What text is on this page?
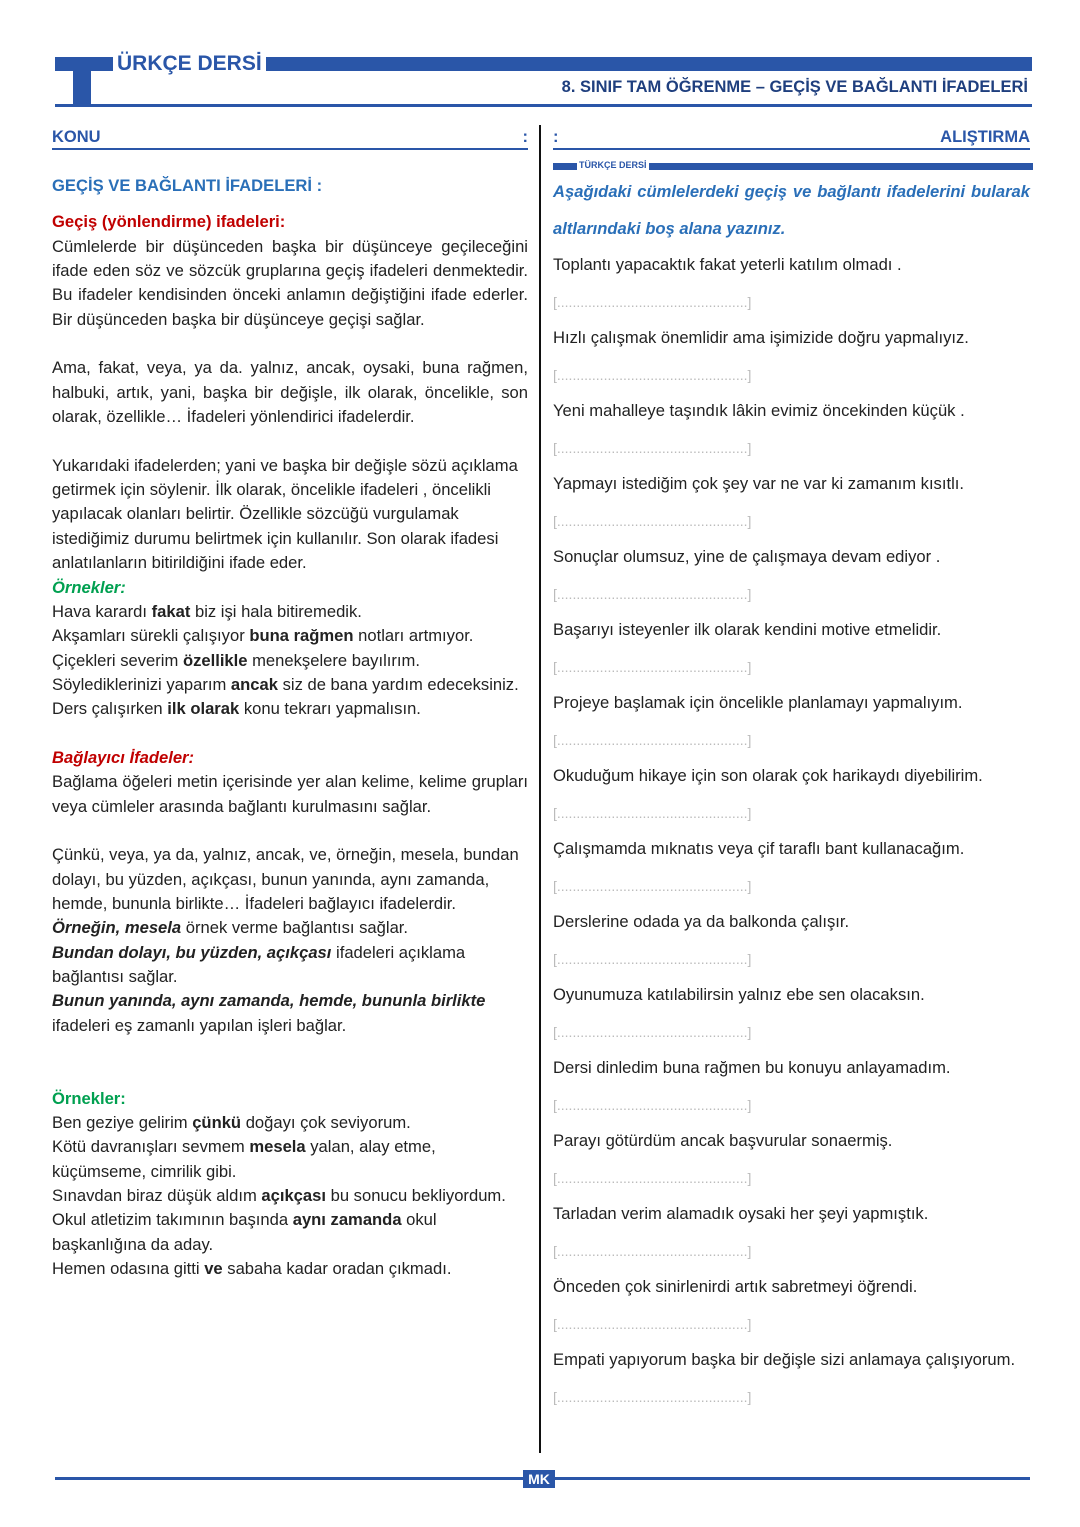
ÜRKÇE DERSİ
8. SINIF TAM ÖĞRENME – GEÇİŞ VE BAĞLANTI İFADELERİ
KONU	: :	ALIŞTIRMA

GEÇİŞ VE BAĞLANTI İFADELERİ :

Geçiş (yönlendirme) ifadeleri:

Cümlelerde bir düşünceden başka bir düşünceye geçileceğini ifade eden söz ve sözcük gruplarına geçiş ifadeleri denmektedir. Bu ifadeler kendisinden önceki anlamın değiştiğini ifade ederler. Bir düşünceden başka bir düşünceye geçişi sağlar.

Ama, fakat, veya, ya da. yalnız, ancak, oysaki, buna rağmen, halbuki, artık, yani, başka bir değişle, ilk olarak, öncelikle, son olarak, özellikle… İfadeleri yönlendirici ifadelerdir.

Yukarıdaki ifadelerden; yani ve başka bir değişle sözü açıklama getirmek için söylenir. İlk olarak, öncelikle ifadeleri , öncelikli yapılacak olanları belirtir. Özellikle sözcüğü vurgulamak istediğimiz durumu belirtmek için kullanılır. Son olarak ifadesi anlatılanların bitirildiğini ifade eder.

Örnekler:

Hava karardı fakat biz işi hala bitiremedik.

Akşamları sürekli çalışıyor buna rağmen notları artmıyor.

Çiçekleri severim özellikle menekşelere bayılırım.

Söylediklerinizi yaparım ancak siz de bana yardım edeceksiniz.

Ders çalışırken ilk olarak konu tekrarı yapmalısın.

Bağlayıcı İfadeler:

Bağlama öğeleri metin içerisinde yer alan kelime, kelime grupları veya cümleler arasında bağlantı kurulmasını sağlar.

Çünkü, veya, ya da, yalnız, ancak, ve, örneğin, mesela, bundan dolayı, bu yüzden, açıkçası, bunun yanında, aynı zamanda, hemde, bununla birlikte… İfadeleri bağlayıcı ifadelerdir.

Örneğin, mesela örnek verme bağlantısı sağlar.

Bundan dolayı, bu yüzden, açıkçası ifadeleri açıklama bağlantısı sağlar.

Bunun yanında, aynı zamanda, hemde, bununla birlikte ifadeleri eş zamanlı yapılan işleri bağlar.

Örnekler:

Ben geziye gelirim çünkü doğayı çok seviyorum.

Kötü davranışları sevmem mesela yalan, alay etme, küçümseme, cimrilik gibi.

Sınavdan biraz düşük aldım açıkçası bu sonucu bekliyordum.

Okul atletizim takımının başında aynı zamanda okul başkanlığına da aday.

Hemen odasına gitti ve sabaha kadar oradan çıkmadı.

TÜRKÇE DERSİ

Aşağıdaki cümlelerdeki geçiş ve bağlantı ifadelerini bularak altlarındaki boş alana yazınız.

Toplantı yapacaktık fakat yeterli katılım olmadı .

[.................................................]

Hızlı çalışmak önemlidir ama işimizide doğru yapmalıyız.

[.................................................]

Yeni mahalleye taşındık lâkin evimiz öncekinden küçük .

[.................................................]

Yapmayı istediğim çok şey var ne var ki zamanım kısıtlı.

[.................................................]

Sonuçlar olumsuz, yine de çalışmaya devam ediyor .

[.................................................]

Başarıyı isteyenler ilk olarak kendini motive etmelidir.

[.................................................]

Projeye başlamak için öncelikle planlamayı yapmalıyım.

[.................................................]

Okuduğum hikaye için son olarak çok harikaydı diyebilirim.

[.................................................]

Çalışmamda mıknatıs veya çif taraflı bant kullanacağım.

[.................................................]

Derslerine odada ya da balkonda çalışır.

[.................................................]

Oyunumuza katılabilirsin yalnız ebe sen olacaksın.

[.................................................]

Dersi dinledim buna rağmen bu konuyu anlayamadım.

[.................................................]

Parayı götürdüm ancak başvurular sonaermiş.

[.................................................]

Tarladan verim alamadık oysaki her şeyi yapmıştık.

[.................................................]

Önceden çok sinirlenirdi artık sabretmeyi öğrendi.

[.................................................]

Empati yapıyorum başka bir değişle sizi anlamaya çalışıyorum.

[.................................................]

MK
